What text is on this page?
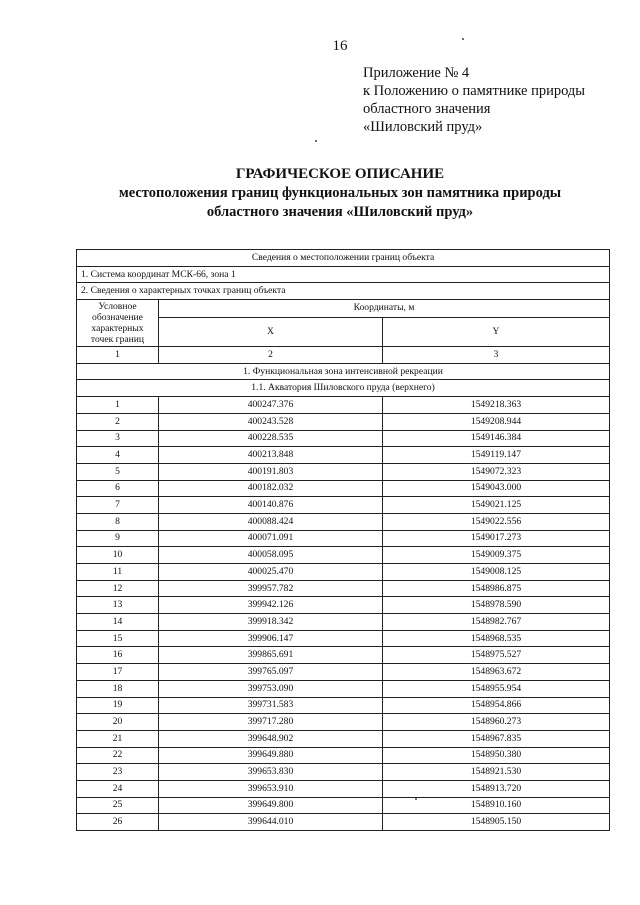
16
Приложение № 4
к Положению о памятнике природы
областного значения
«Шиловский пруд»
ГРАФИЧЕСКОЕ ОПИСАНИЕ
местоположения границ функциональных зон памятника природы
областного значения «Шиловский пруд»
Сведения о местоположении границ объекта		
1. Система координат МСК-66, зона 1		
2. Сведения о характерных точках границ объекта		
Условное обозначение характерных точек границ	Координаты, м	
	X	Y
1	2	3
1. Функциональная зона интенсивной рекреации		
1.1. Акватория Шиловского пруда (верхнего)		
1	400247.376	1549218.363
2	400243.528	1549208.944
3	400228.535	1549146.384
4	400213.848	1549119.147
5	400191.803	1549072.323
6	400182.032	1549043.000
7	400140.876	1549021.125
8	400088.424	1549022.556
9	400071.091	1549017.273
10	400058.095	1549009.375
11	400025.470	1549008.125
12	399957.782	1548986.875
13	399942.126	1548978.590
14	399918.342	1548982.767
15	399906.147	1548968.535
16	399865.691	1548975.527
17	399765.097	1548963.672
18	399753.090	1548955.954
19	399731.583	1548954.866
20	399717.280	1548960.273
21	399648.902	1548967.835
22	399649.880	1548950.380
23	399653.830	1548921.530
24	399653.910	1548913.720
25	399649.800	1548910.160
26	399644.010	1548905.150
